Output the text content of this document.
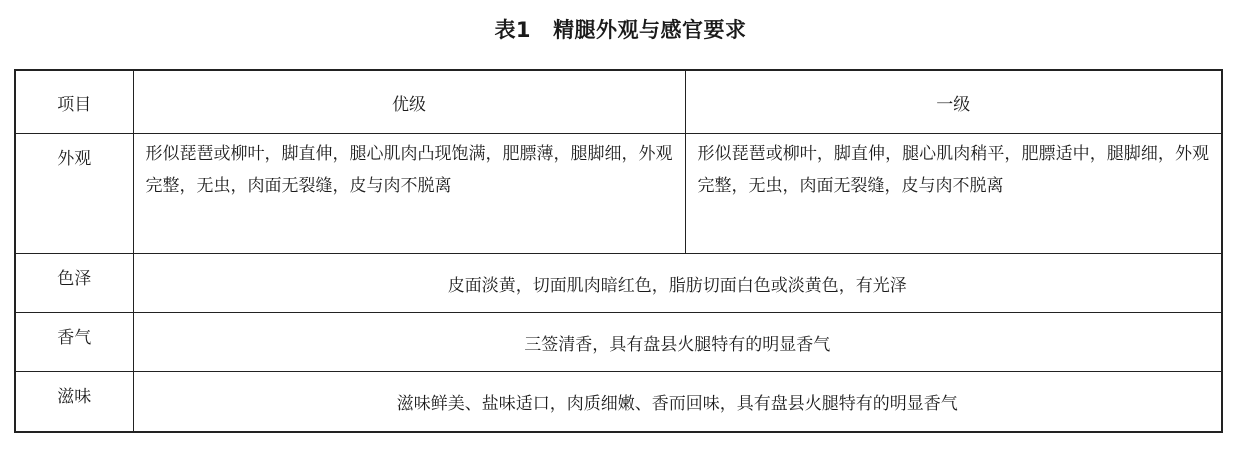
表1 精腿外观与感官要求
项目	优级	一级
外观	形似琵琶或柳叶，脚直伸，腿心肌肉凸现饱满，肥膘薄，腿脚细，外观完整，无虫，肉面无裂缝，皮与肉不脱离	形似琵琶或柳叶，脚直伸，腿心肌肉稍平，肥膘适中，腿脚细，外观完整，无虫，肉面无裂缝，皮与肉不脱离
色泽	皮面淡黄，切面肌肉暗红色，脂肪切面白色或淡黄色，有光泽	
香气	三签清香，具有盘县火腿特有的明显香气	
滋味	滋味鲜美、盐味适口，肉质细嫩、香而回味，具有盘县火腿特有的明显香气	
